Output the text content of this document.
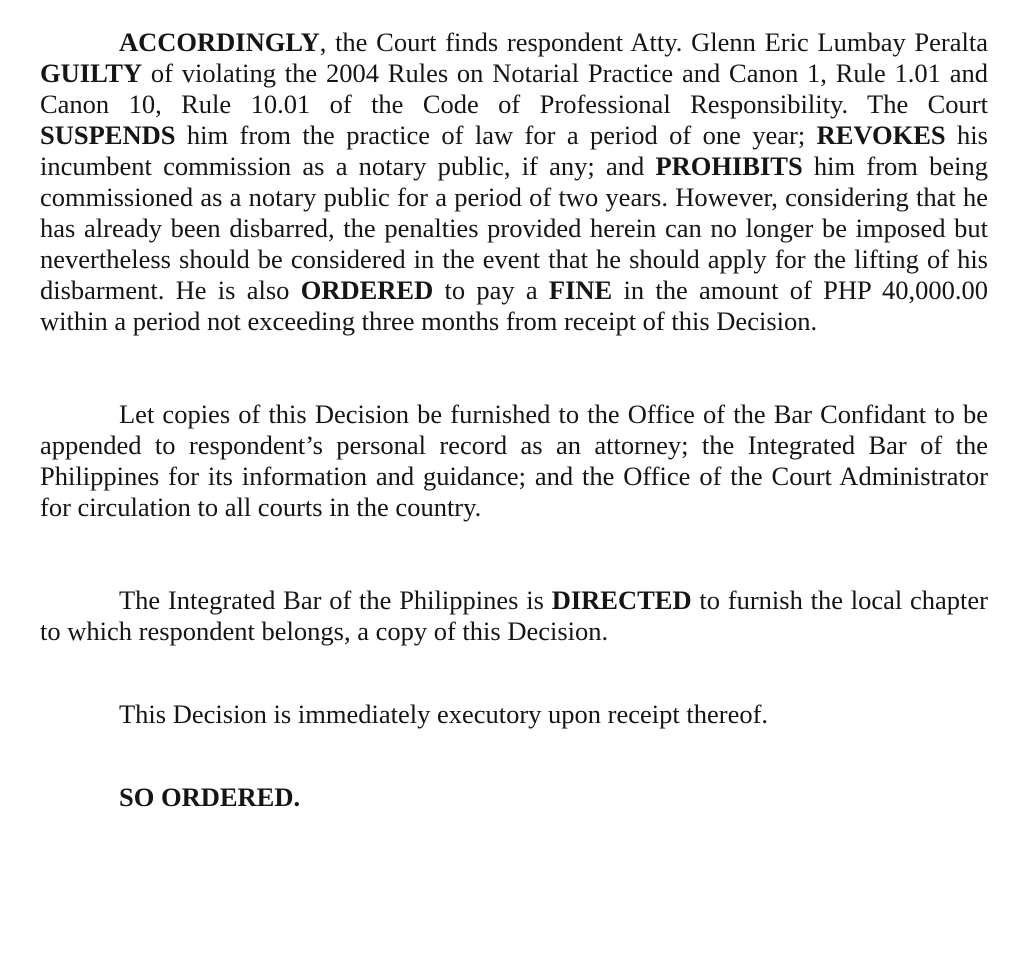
ACCORDINGLY, the Court finds respondent Atty. Glenn Eric Lumbay Peralta GUILTY of violating the 2004 Rules on Notarial Practice and Canon 1, Rule 1.01 and Canon 10, Rule 10.01 of the Code of Professional Responsibility. The Court SUSPENDS him from the practice of law for a period of one year; REVOKES his incumbent commission as a notary public, if any; and PROHIBITS him from being commissioned as a notary public for a period of two years. However, considering that he has already been disbarred, the penalties provided herein can no longer be imposed but nevertheless should be considered in the event that he should apply for the lifting of his disbarment. He is also ORDERED to pay a FINE in the amount of PHP 40,000.00 within a period not exceeding three months from receipt of this Decision.

Let copies of this Decision be furnished to the Office of the Bar Confidant to be appended to respondent’s personal record as an attorney; the Integrated Bar of the Philippines for its information and guidance; and the Office of the Court Administrator for circulation to all courts in the country.

The Integrated Bar of the Philippines is DIRECTED to furnish the local chapter to which respondent belongs, a copy of this Decision.

This Decision is immediately executory upon receipt thereof.

SO ORDERED.
